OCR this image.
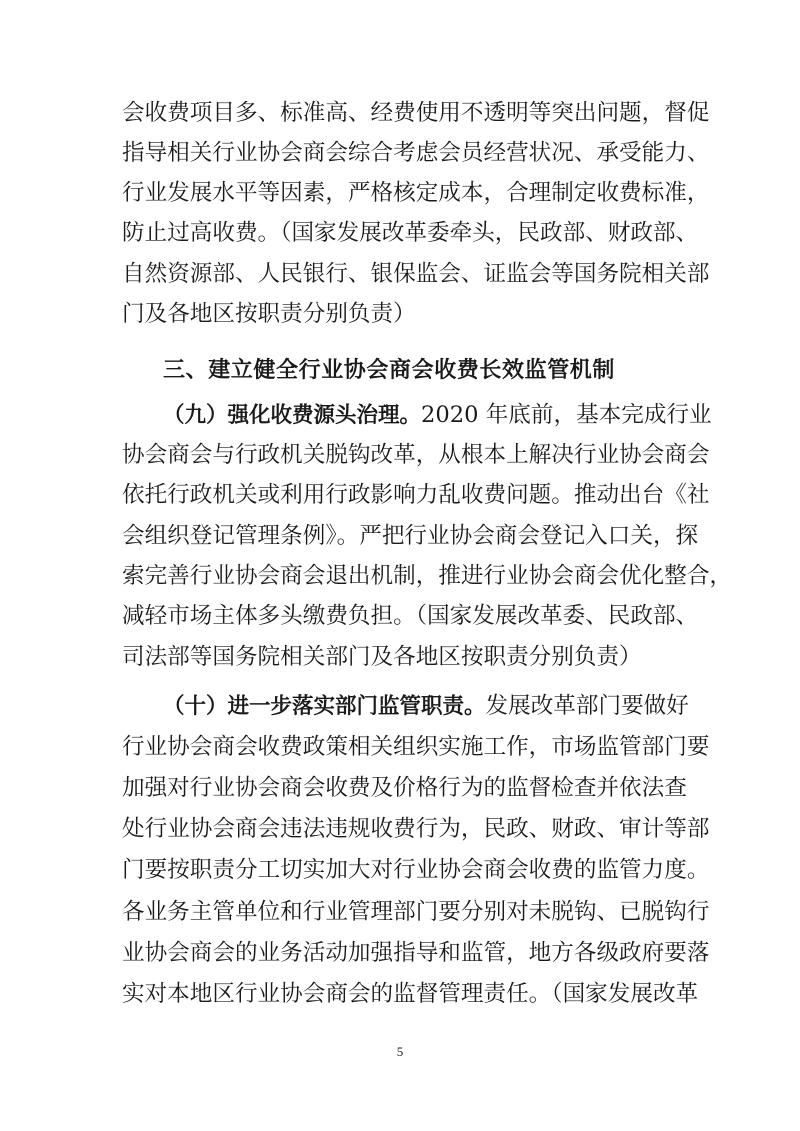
会收费项目多、标准高、经费使用不透明等突出问题，督促
指导相关行业协会商会综合考虑会员经营状况、承受能力、
行业发展水平等因素，严格核定成本，合理制定收费标准，
防止过高收费。（国家发展改革委牵头，民政部、财政部、
自然资源部、人民银行、银保监会、证监会等国务院相关部
门及各地区按职责分别负责）
三、建立健全行业协会商会收费长效监管机制
（九）强化收费源头治理。2020 年底前，基本完成行业
协会商会与行政机关脱钩改革，从根本上解决行业协会商会
依托行政机关或利用行政影响力乱收费问题。推动出台《社
会组织登记管理条例》。严把行业协会商会登记入口关，探
索完善行业协会商会退出机制，推进行业协会商会优化整合，
减轻市场主体多头缴费负担。（国家发展改革委、民政部、
司法部等国务院相关部门及各地区按职责分别负责）
（十）进一步落实部门监管职责。发展改革部门要做好
行业协会商会收费政策相关组织实施工作，市场监管部门要
加强对行业协会商会收费及价格行为的监督检查并依法查
处行业协会商会违法违规收费行为，民政、财政、审计等部
门要按职责分工切实加大对行业协会商会收费的监管力度。
各业务主管单位和行业管理部门要分别对未脱钩、已脱钩行
业协会商会的业务活动加强指导和监管，地方各级政府要落
实对本地区行业协会商会的监督管理责任。（国家发展改革
5
